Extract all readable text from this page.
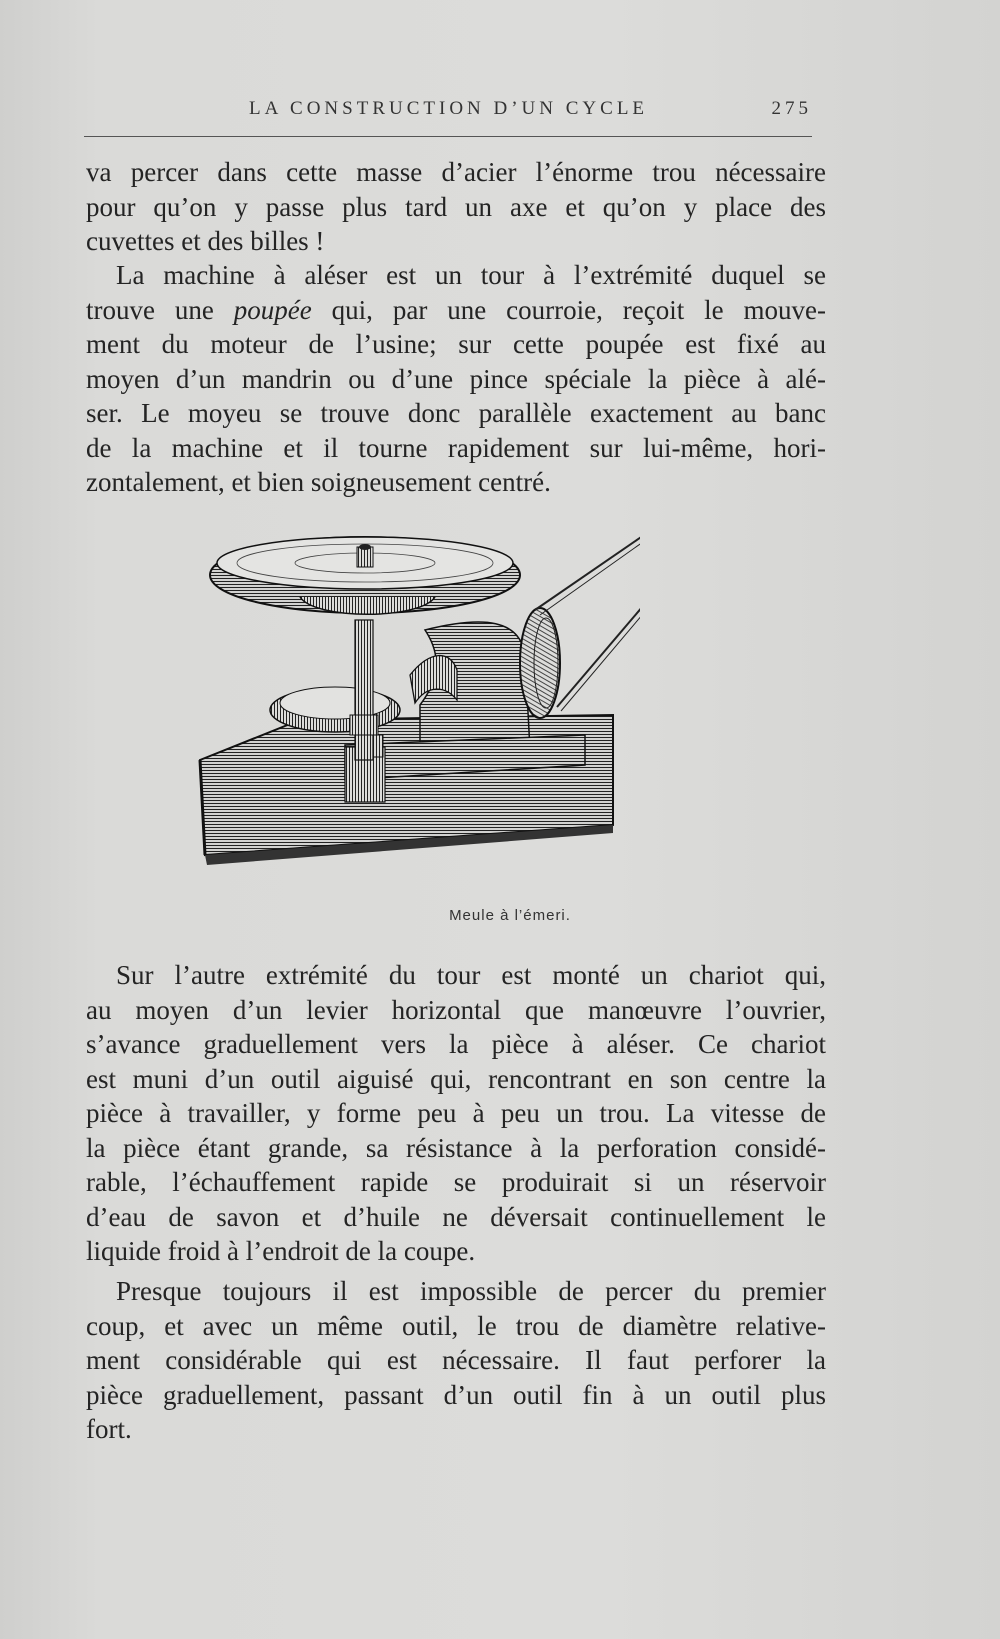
LA CONSTRUCTION D’UN CYCLE	275
va percer dans cette masse d’acier l’énorme trou nécessaire
pour qu’on y passe plus tard un axe et qu’on y place des
cuvettes et des billes !
La machine à aléser est un tour à l’extrémité duquel se
trouve une poupée qui, par une courroie, reçoit le mouve-
ment du moteur de l’usine; sur cette poupée est fixé au
moyen d’un mandrin ou d’une pince spéciale la pièce à alé-
ser. Le moyeu se trouve donc parallèle exactement au banc
de la machine et il tourne rapidement sur lui-même, hori-
zontalement, et bien soigneusement centré.
Meule à l’émeri.
Sur l’autre extrémité du tour est monté un chariot qui,
au moyen d’un levier horizontal que manœuvre l’ouvrier,
s’avance graduellement vers la pièce à aléser. Ce chariot
est muni d’un outil aiguisé qui, rencontrant en son centre la
pièce à travailler, y forme peu à peu un trou. La vitesse de
la pièce étant grande, sa résistance à la perforation considé-
rable, l’échauffement rapide se produirait si un réservoir
d’eau de savon et d’huile ne déversait continuellement le
liquide froid à l’endroit de la coupe.
Presque toujours il est impossible de percer du premier
coup, et avec un même outil, le trou de diamètre relative-
ment considérable qui est nécessaire. Il faut perforer la
pièce graduellement, passant d’un outil fin à un outil plus
fort.
